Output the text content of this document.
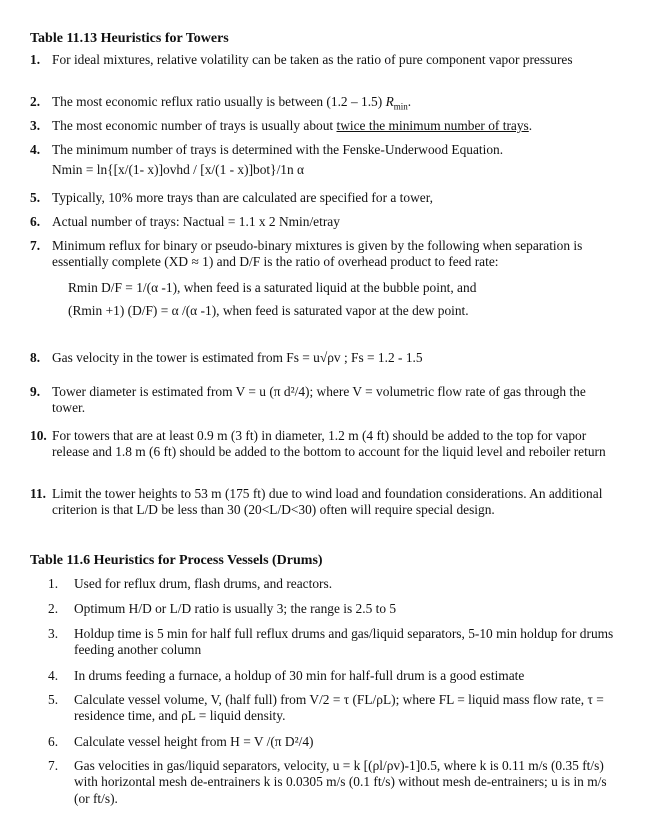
Table 11.13 Heuristics for Towers
1. For ideal mixtures, relative volatility can be taken as the ratio of pure component vapor pressures
2. The most economic reflux ratio usually is between (1.2 – 1.5) $R_{min}$.
3. The most economic number of trays is usually about twice the minimum number of trays.
4. The minimum number of trays is determined with the Fenske-Underwood Equation.
Nmin = ln{[x/(1- x)]ovhd / [x/(1 - x)]bot}/1n α
5. Typically, 10% more trays than are calculated are specified for a tower,
6. Actual number of trays: Nactual = 1.1 x 2 Nmin/etray
7. Minimum reflux for binary or pseudo-binary mixtures is given by the following when separation is essentially complete (XD ≈ 1) and D/F is the ratio of overhead product to feed rate:
Rmin D/F = 1/(α -1), when feed is a saturated liquid at the bubble point, and
(Rmin +1) (D/F) = α /(α -1), when feed is saturated vapor at the dew point.
8. Gas velocity in the tower is estimated from Fs = u√ρv ; Fs = 1.2 - 1.5
9. Tower diameter is estimated from V = u (π d²/4); where V = volumetric flow rate of gas through the tower.
10. For towers that are at least 0.9 m (3 ft) in diameter, 1.2 m (4 ft) should be added to the top for vapor release and 1.8 m (6 ft) should be added to the bottom to account for the liquid level and reboiler return
11. Limit the tower heights to 53 m (175 ft) due to wind load and foundation considerations. An additional criterion is that L/D be less than 30 (20<L/D<30) often will require special design.
Table 11.6 Heuristics for Process Vessels (Drums)
1.	Used for reflux drum, flash drums, and reactors.
2.	Optimum H/D or L/D ratio is usually 3; the range is 2.5 to 5
3.	Holdup time is 5 min for half full reflux drums and gas/liquid separators, 5-10 min holdup for drums feeding another column
4.	In drums feeding a furnace, a holdup of 30 min for half-full drum is a good estimate
5.	Calculate vessel volume, V, (half full) from V/2 = τ (FL/ρL); where FL = liquid mass flow rate, τ = residence time, and ρL = liquid density.
6.	Calculate vessel height from H = V /(π D²/4)
7.	Gas velocities in gas/liquid separators, velocity, u = k [(ρl/ρv)-1]0.5, where k is 0.11 m/s (0.35 ft/s) with horizontal mesh de-entrainers k is 0.0305 m/s (0.1 ft/s) without mesh de-entrainers; u is in m/s (or ft/s).
